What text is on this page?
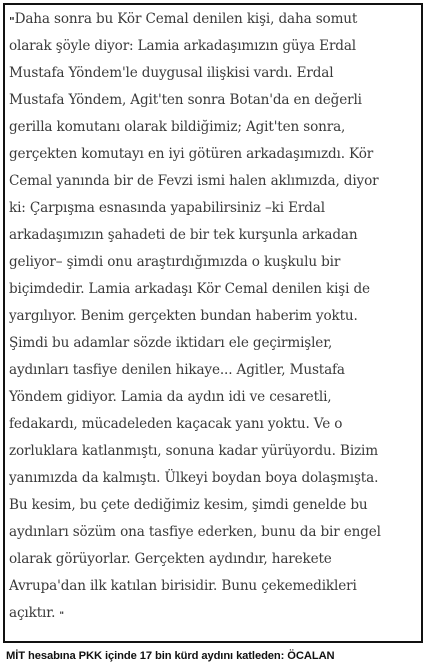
"Daha sonra bu Kör Cemal denilen kişi, daha somut
olarak şöyle diyor: Lamia arkadaşımızın güya Erdal
Mustafa Yöndem'le duygusal ilişkisi vardı. Erdal
Mustafa Yöndem, Agit'ten sonra Botan'da en değerli
gerilla komutanı olarak bildiğimiz; Agit'ten sonra,
gerçekten komutayı en iyi götüren arkadaşımızdı. Kör
Cemal yanında bir de Fevzi ismi halen aklımızda, diyor
ki: Çarpışma esnasında yapabilirsiniz –ki Erdal
arkadaşımızın şahadeti de bir tek kurşunla arkadan
geliyor– şimdi onu araştırdığımızda o kuşkulu bir
biçimdedir. Lamia arkadaşı Kör Cemal denilen kişi de
yargılıyor. Benim gerçekten bundan haberim yoktu.
Şimdi bu adamlar sözde iktidarı ele geçirmişler,
aydınları tasfiye denilen hikaye... Agitler, Mustafa
Yöndem gidiyor. Lamia da aydın idi ve cesaretli,
fedakardı, mücadeleden kaçacak yanı yoktu. Ve o
zorluklara katlanmıştı, sonuna kadar yürüyordu. Bizim
yanımızda da kalmıştı. Ülkeyi boydan boya dolaşmışta.
Bu kesim, bu çete dediğimiz kesim, şimdi genelde bu
aydınları sözüm ona tasfiye ederken, bunu da bir engel
olarak görüyorlar. Gerçekten aydındır, harekete
Avrupa'dan ilk katılan birisidir. Bunu çekemedikleri
açıktır. "

MİT hesabına PKK içinde 17 bin kürd aydını katleden: ÖCALAN
